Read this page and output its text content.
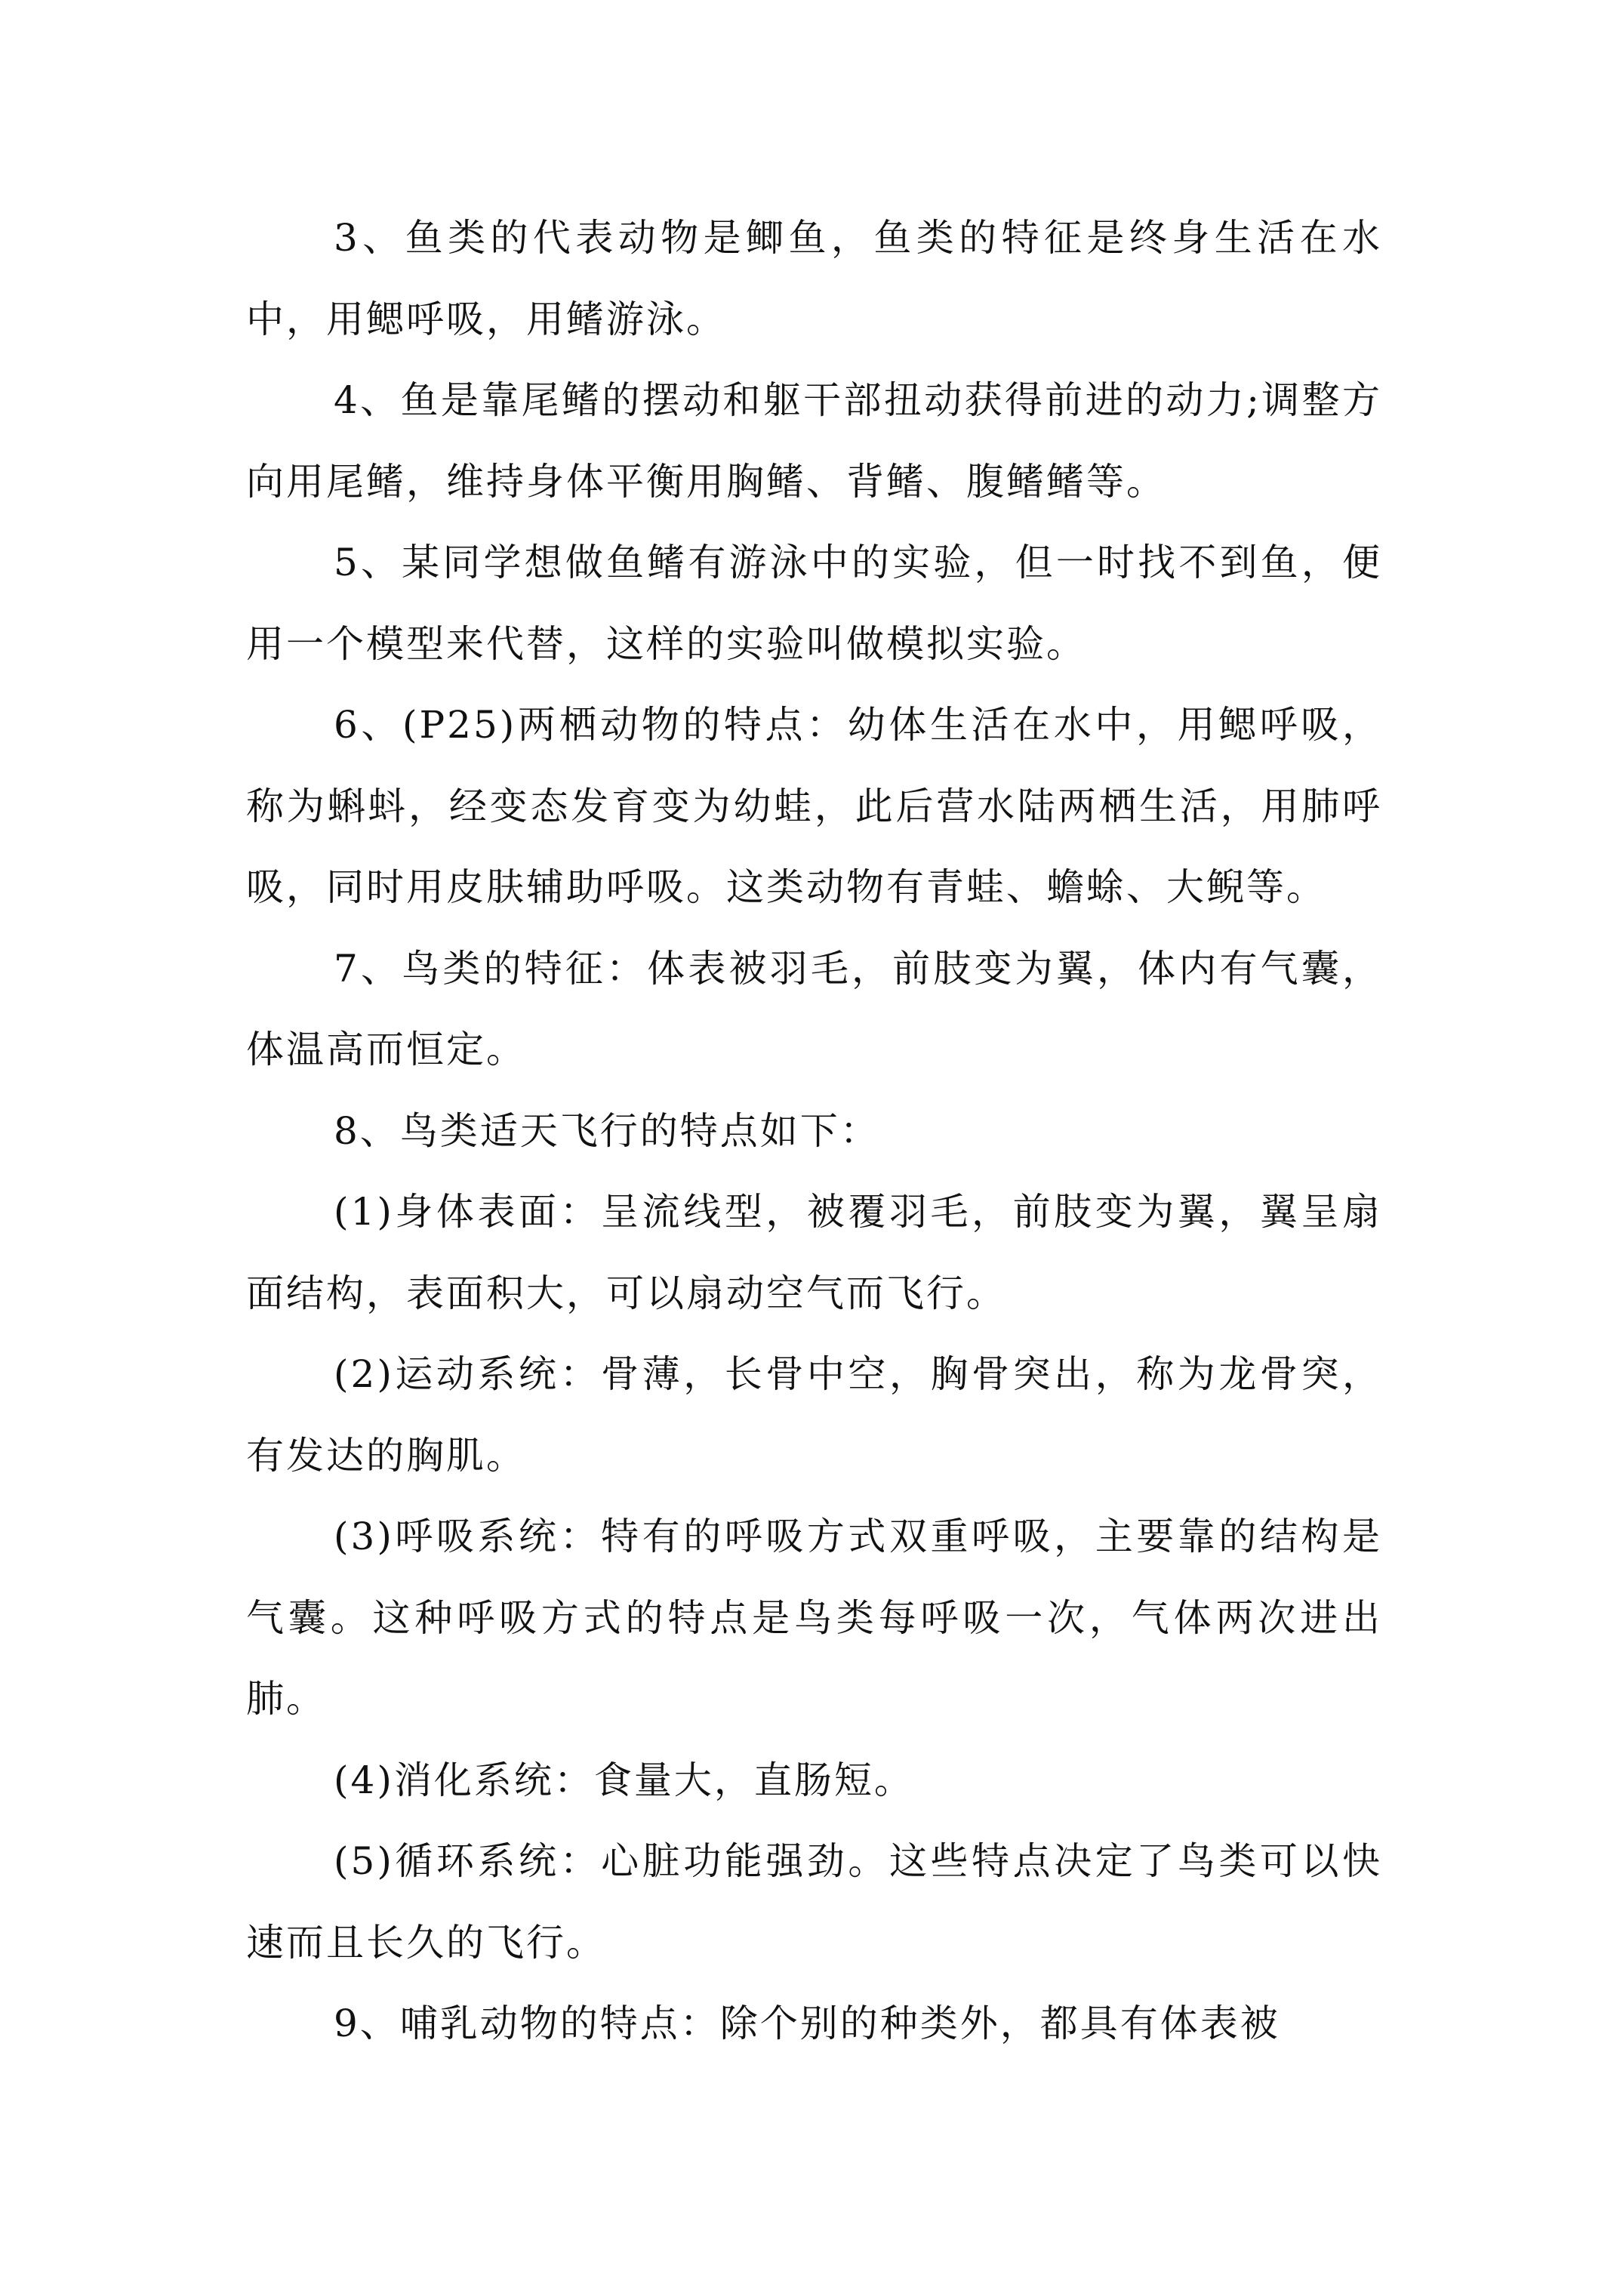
3、鱼类的代表动物是鲫鱼，鱼类的特征是终身生活在水中，用鳃呼吸，用鳍游泳。

4、鱼是靠尾鳍的摆动和躯干部扭动获得前进的动力;调整方向用尾鳍，维持身体平衡用胸鳍、背鳍、腹鳍鳍等。

5、某同学想做鱼鳍有游泳中的实验，但一时找不到鱼，便用一个模型来代替，这样的实验叫做模拟实验。

6、(P25)两栖动物的特点：幼体生活在水中，用鳃呼吸，称为蝌蚪，经变态发育变为幼蛙，此后营水陆两栖生活，用肺呼吸，同时用皮肤辅助呼吸。这类动物有青蛙、蟾蜍、大鲵等。

7、鸟类的特征：体表被羽毛，前肢变为翼，体内有气囊，体温高而恒定。

8、鸟类适天飞行的特点如下：

(1)身体表面：呈流线型，被覆羽毛，前肢变为翼，翼呈扇面结构，表面积大，可以扇动空气而飞行。

(2)运动系统：骨薄，长骨中空，胸骨突出，称为龙骨突，有发达的胸肌。

(3)呼吸系统：特有的呼吸方式双重呼吸，主要靠的结构是气囊。这种呼吸方式的特点是鸟类每呼吸一次，气体两次进出肺。

(4)消化系统：食量大，直肠短。

(5)循环系统：心脏功能强劲。这些特点决定了鸟类可以快速而且长久的飞行。

9、哺乳动物的特点：除个别的种类外，都具有体表被
